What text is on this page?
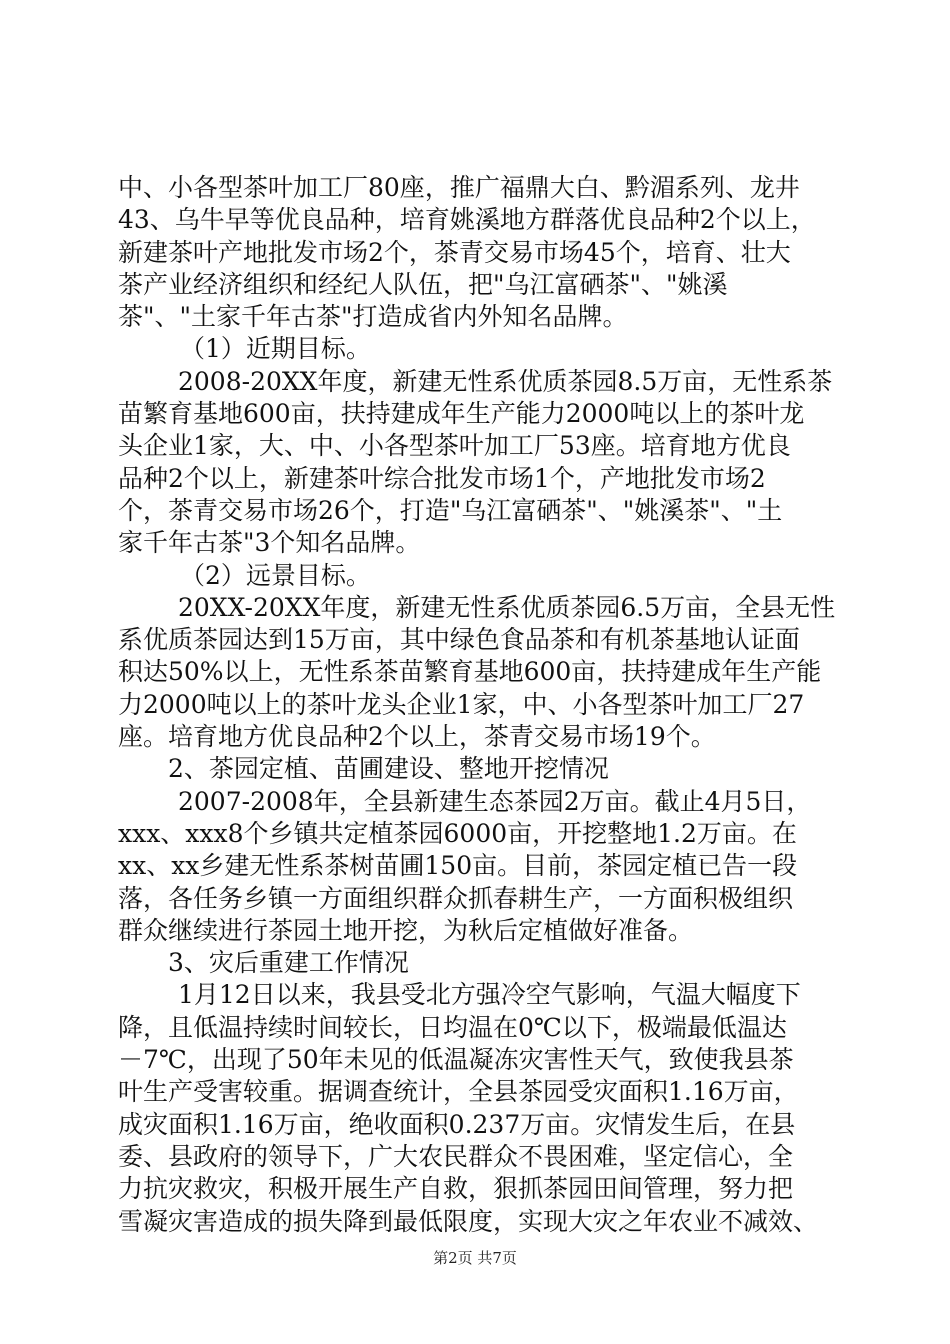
中、小各型茶叶加工厂80座，推广福鼎大白、黔湄系列、龙井
43、乌牛早等优良品种，培育姚溪地方群落优良品种2个以上，
新建茶叶产地批发市场2个，茶青交易市场45个，培育、壮大
茶产业经济组织和经纪人队伍，把"乌江富硒茶"、"姚溪
茶"、"土家千年古茶"打造成省内外知名品牌。
（1）近期目标。
2008-20XX年度，新建无性系优质茶园8.5万亩，无性系茶
苗繁育基地600亩，扶持建成年生产能力2000吨以上的茶叶龙
头企业1家，大、中、小各型茶叶加工厂53座。培育地方优良
品种2个以上，新建茶叶综合批发市场1个，产地批发市场2
个，茶青交易市场26个，打造"乌江富硒茶"、"姚溪茶"、"土
家千年古茶"3个知名品牌。
（2）远景目标。
20XX-20XX年度，新建无性系优质茶园6.5万亩，全县无性
系优质茶园达到15万亩，其中绿色食品茶和有机茶基地认证面
积达50%以上，无性系茶苗繁育基地600亩，扶持建成年生产能
力2000吨以上的茶叶龙头企业1家，中、小各型茶叶加工厂27
座。培育地方优良品种2个以上，茶青交易市场19个。
2、茶园定植、苗圃建设、整地开挖情况
2007-2008年，全县新建生态茶园2万亩。截止4月5日，
xxx、xxx8个乡镇共定植茶园6000亩，开挖整地1.2万亩。在
xx、xx乡建无性系茶树苗圃150亩。目前，茶园定植已告一段
落，各任务乡镇一方面组织群众抓春耕生产，一方面积极组织
群众继续进行茶园土地开挖，为秋后定植做好准备。
3、灾后重建工作情况
1月12日以来，我县受北方强冷空气影响，气温大幅度下
降，且低温持续时间较长，日均温在0℃以下，极端最低温达
－7℃，出现了50年未见的低温凝冻灾害性天气，致使我县茶
叶生产受害较重。据调查统计，全县茶园受灾面积1.16万亩，
成灾面积1.16万亩，绝收面积0.237万亩。灾情发生后，在县
委、县政府的领导下，广大农民群众不畏困难，坚定信心，全
力抗灾救灾，积极开展生产自救，狠抓茶园田间管理，努力把
雪凝灾害造成的损失降到最低限度，实现大灾之年农业不减效、
第2页 共7页
